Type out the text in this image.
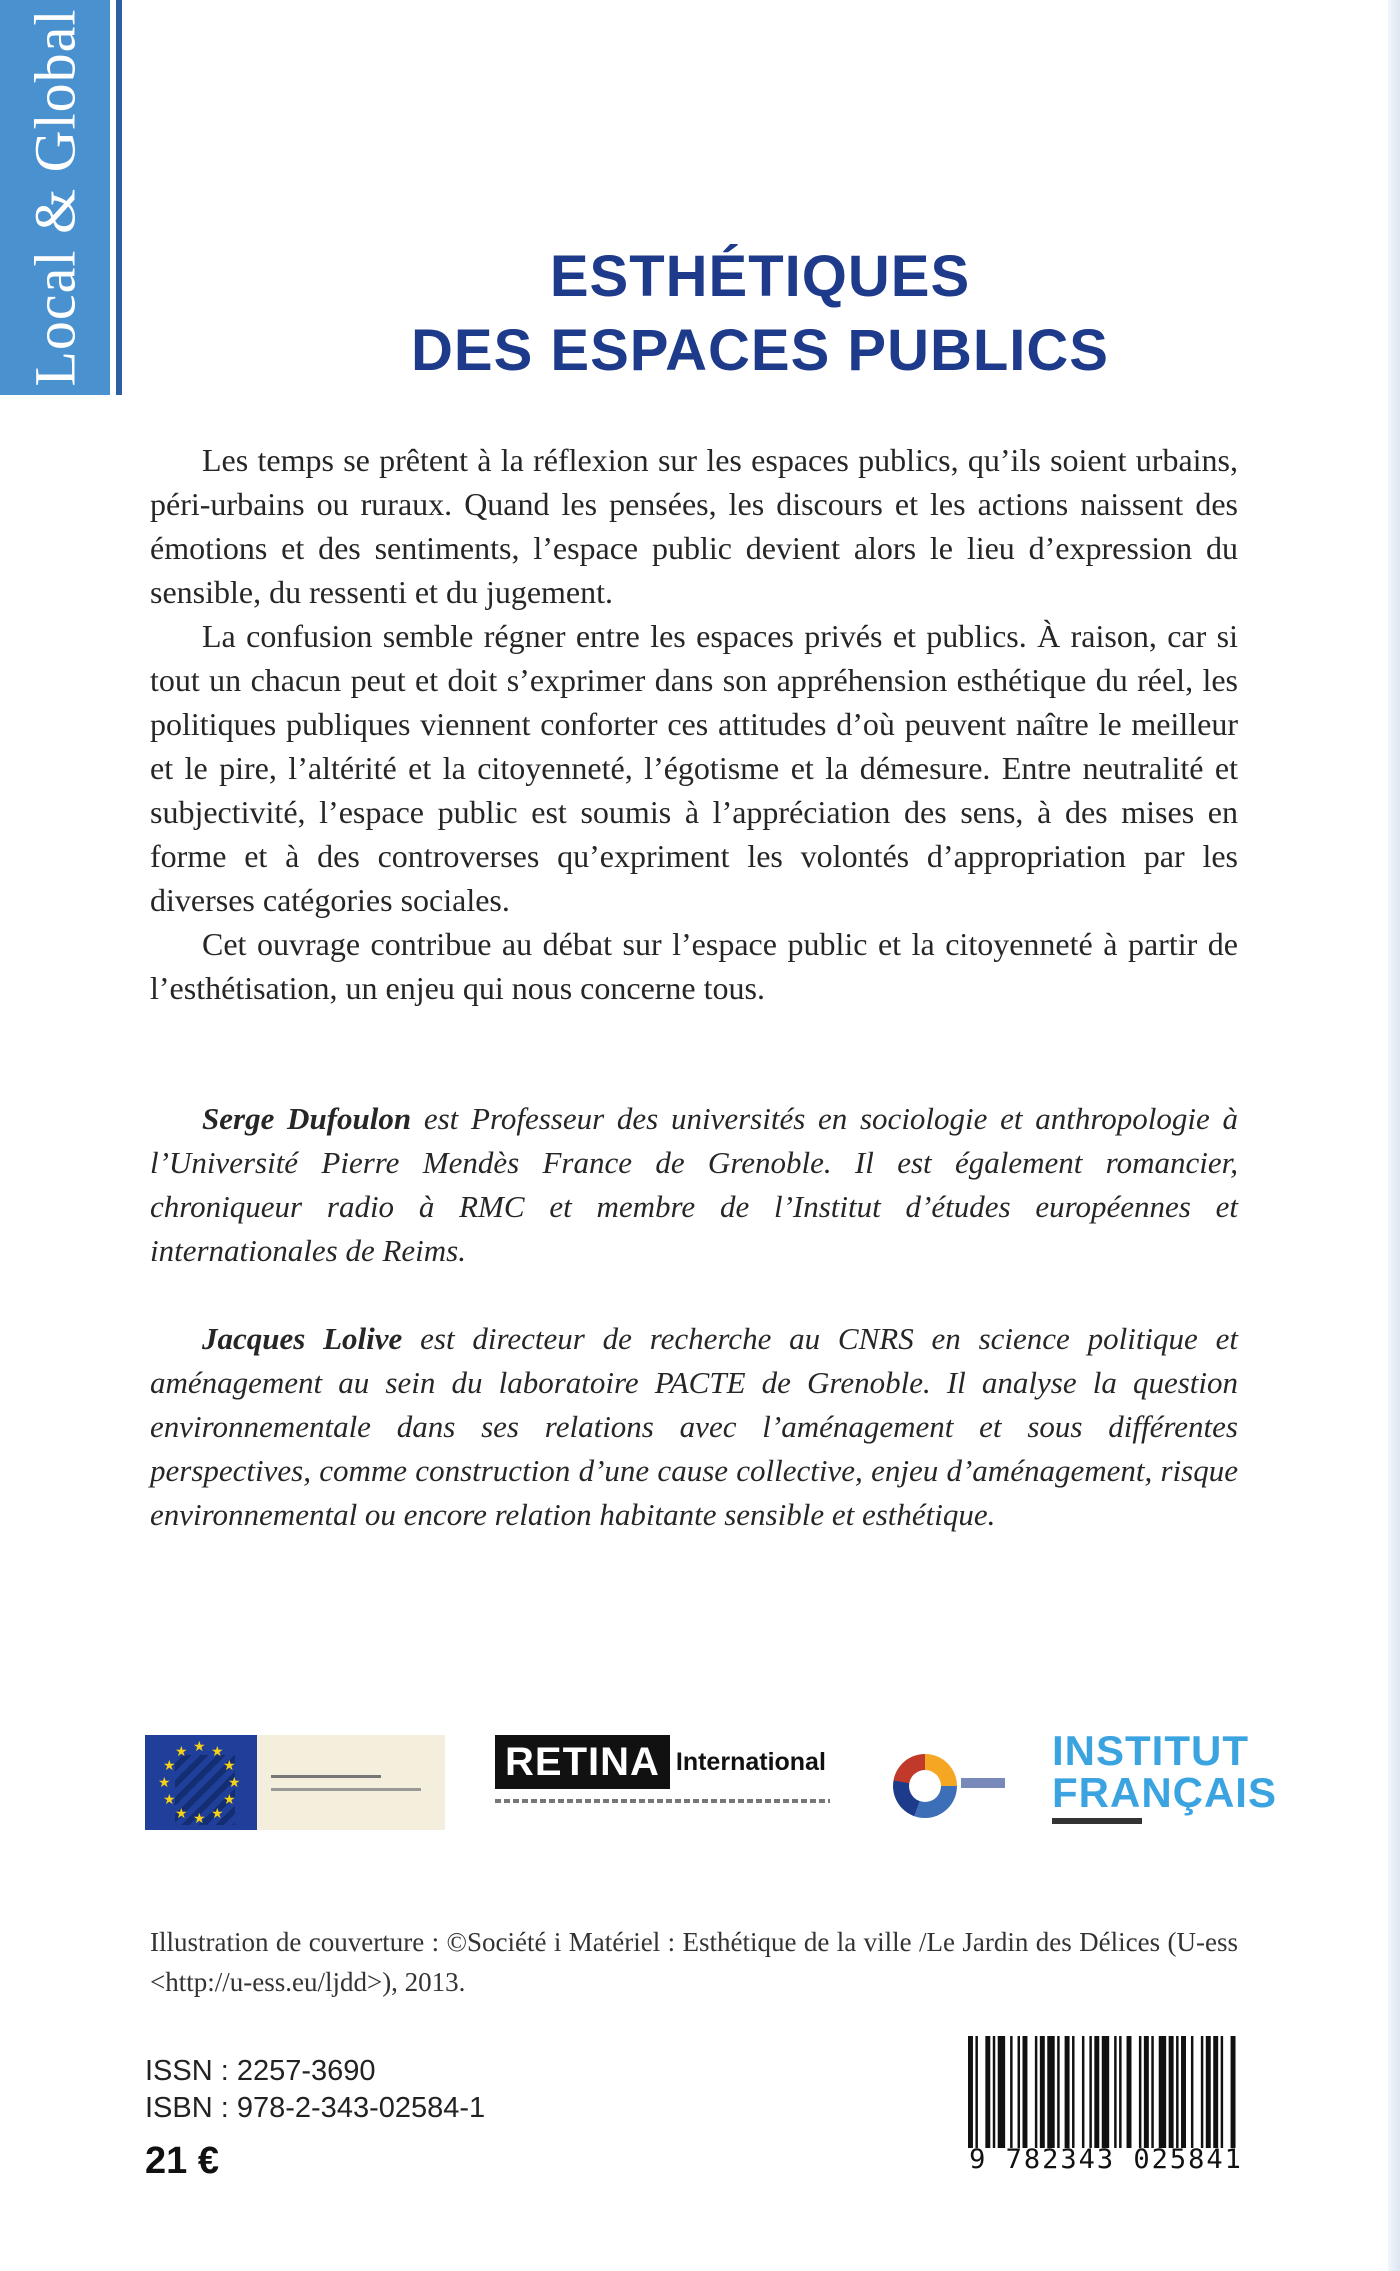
Local & Global	ESTHÉTIQUES
DES ESPACES PUBLICS

Les temps se prêtent à la réflexion sur les espaces publics, qu’ils soient urbains, péri-urbains ou ruraux. Quand les pensées, les discours et les actions naissent des émotions et des sentiments, l’espace public devient alors le lieu d’expression du sensible, du ressenti et du jugement.

La confusion semble régner entre les espaces privés et publics. À raison, car si tout un chacun peut et doit s’exprimer dans son appréhension esthétique du réel, les politiques publiques viennent conforter ces attitudes d’où peuvent naître le meilleur et le pire, l’altérité et la citoyenneté, l’égotisme et la démesure. Entre neutralité et subjectivité, l’espace public est soumis à l’appréciation des sens, à des mises en forme et à des controverses qu’expriment les volontés d’appropriation par les diverses catégories sociales.

Cet ouvrage contribue au débat sur l’espace public et la citoyenneté à partir de l’esthétisation, un enjeu qui nous concerne tous.

Serge Dufoulon est Professeur des universités en sociologie et anthropologie à l’Université Pierre Mendès France de Grenoble. Il est également romancier, chroniqueur radio à RMC et membre de l’Institut d’études européennes et internationales de Reims.

Jacques Lolive est directeur de recherche au CNRS en science politique et aménagement au sein du laboratoire PACTE de Grenoble. Il analyse la question environnementale dans ses relations avec l’aménagement et sous différentes perspectives, comme construction d’une cause collective, enjeu d’aménagement, risque environnemental ou encore relation habitante sensible et esthétique.

★ ★
★
★
★
★
★
★
★
★
★
★	RETINA International	INSTITUT
FRANÇAIS
Illustration de couverture : ©Société i Matériel : Esthétique de la ville /Le Jardin des Délices (U-ess <http://u-ess.eu/ljdd>), 2013.
ISSN : 2257-3690
ISBN : 978-2-343-02584-1
21 €	9 782343 025841
